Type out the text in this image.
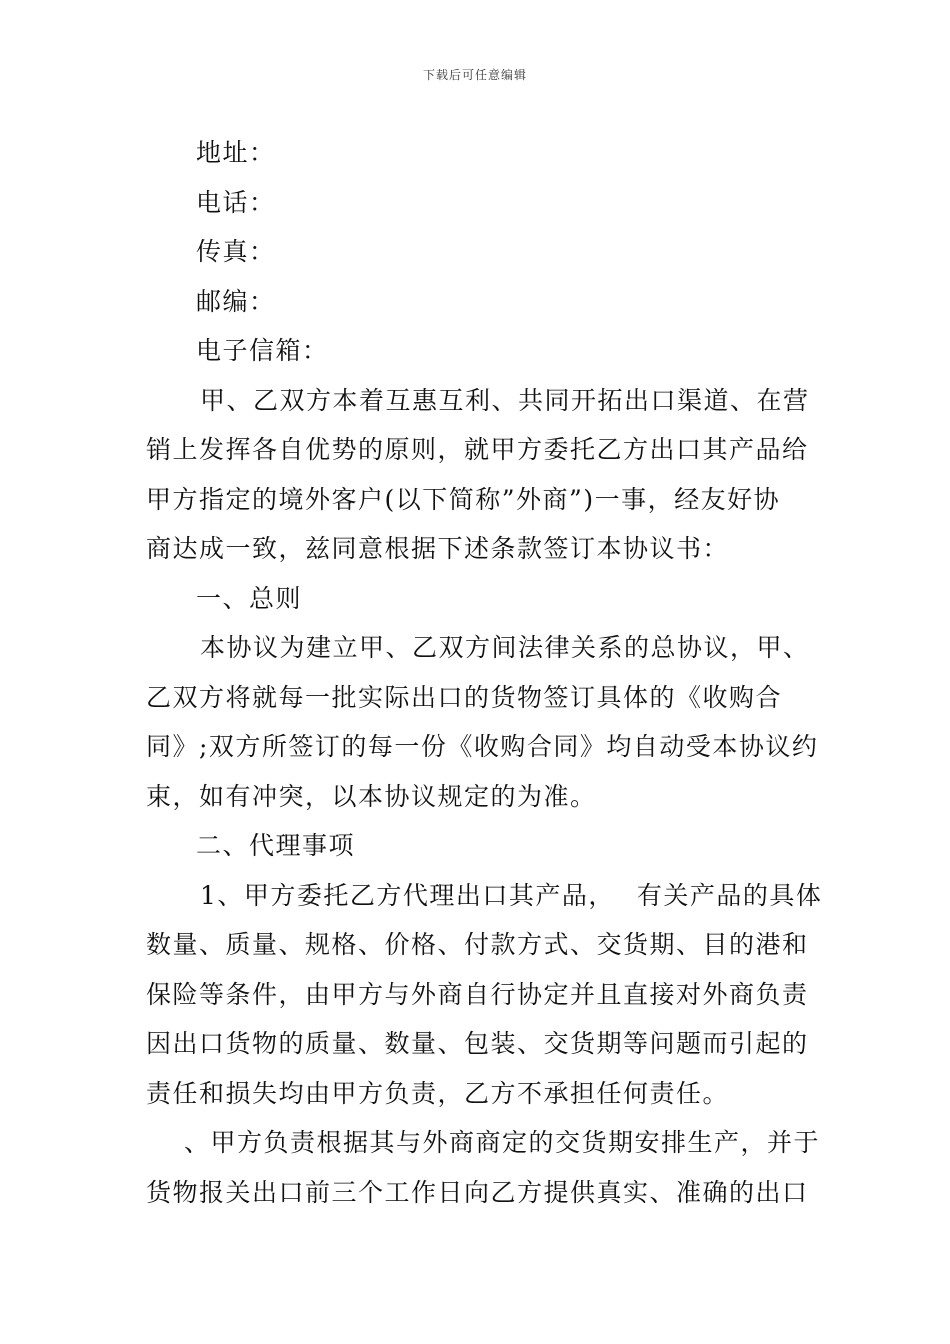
下载后可任意编辑
地址：
电话：
传真：
邮编：
电子信箱：
甲、乙双方本着互惠互利、共同开拓出口渠道、在营
销上发挥各自优势的原则，就甲方委托乙方出口其产品给
甲方指定的境外客户(以下简称”外商”)一事，经友好协
商达成一致，兹同意根据下述条款签订本协议书：
一、总则
本协议为建立甲、乙双方间法律关系的总协议，甲、
乙双方将就每一批实际出口的货物签订具体的《收购合
同》;双方所签订的每一份《收购合同》均自动受本协议约
束，如有冲突，以本协议规定的为准。
二、代理事项
1、甲方委托乙方代理出口其产品， 有关产品的具体
数量、质量、规格、价格、付款方式、交货期、目的港和
保险等条件，由甲方与外商自行协定并且直接对外商负责
因出口货物的质量、数量、包装、交货期等问题而引起的
责任和损失均由甲方负责，乙方不承担任何责任。
、甲方负责根据其与外商商定的交货期安排生产，并于
货物报关出口前三个工作日向乙方提供真实、准确的出口
